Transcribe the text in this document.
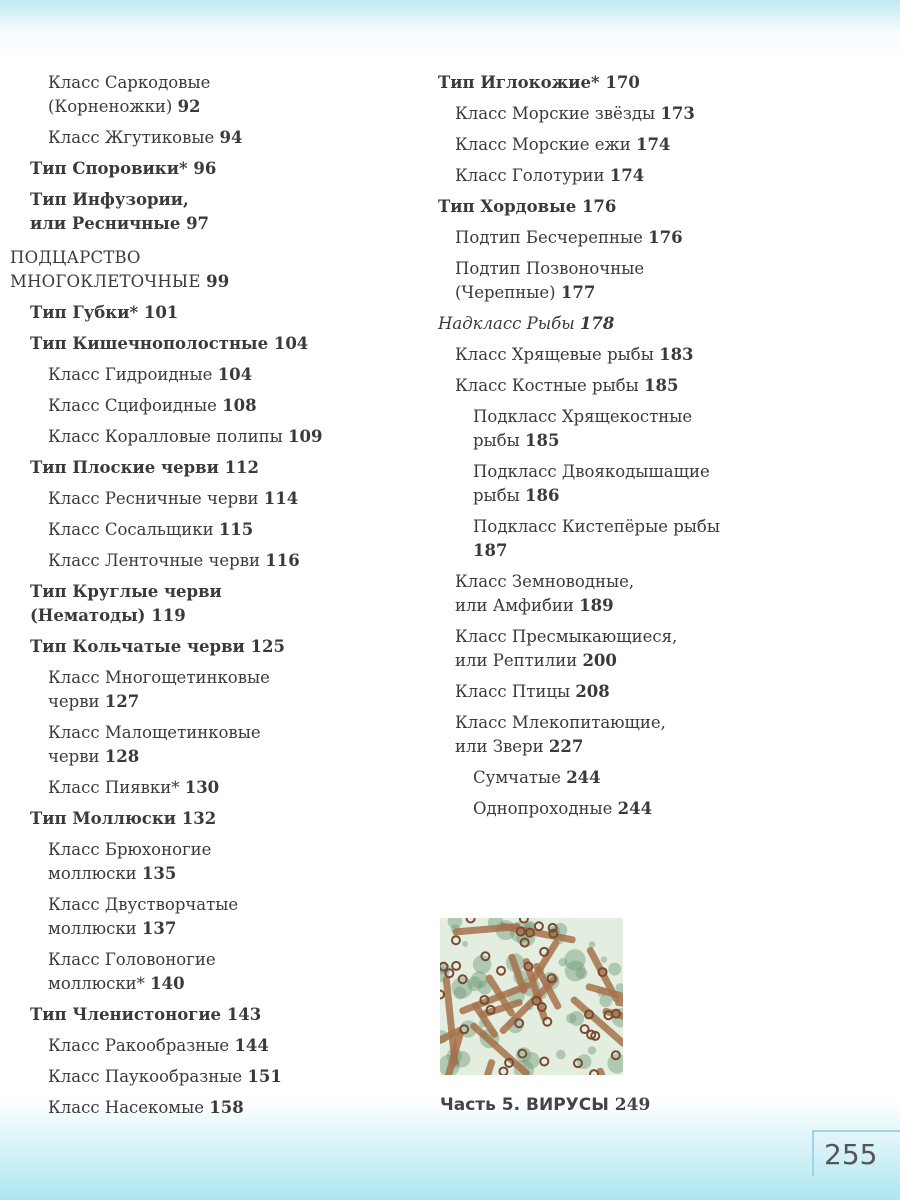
Класс Саркодовые
(Корненожки) 92
Класс Жгутиковые 94
Тип Споровики* 96
Тип Инфузории,
или Ресничные 97
ПОДЦАРСТВО
МНОГОКЛЕТОЧНЫЕ 99
Тип Губки* 101
Тип Кишечнополостные 104
Класс Гидроидные 104
Класс Сцифоидные 108
Класс Коралловые полипы 109
Тип Плоские черви 112
Класс Ресничные черви 114
Класс Сосальщики 115
Класс Ленточные черви 116
Тип Круглые черви
(Нематоды) 119
Тип Кольчатые черви 125
Класс Многощетинковые
черви 127
Класс Малощетинковые
черви 128
Класс Пиявки* 130
Тип Моллюски 132
Класс Брюхоногие
моллюски 135
Класс Двустворчатые
моллюски 137
Класс Головоногие
моллюски* 140
Тип Членистоногие 143
Класс Ракообразные 144
Класс Паукообразные 151
Класс Насекомые 158
Тип Иглокожие* 170
Класс Морские звёзды 173
Класс Морские ежи 174
Класс Голотурии 174
Тип Хордовые 176
Подтип Бесчерепные 176
Подтип Позвоночные
(Черепные) 177
Надкласс Рыбы 178
Класс Хрящевые рыбы 183
Класс Костные рыбы 185
Подкласс Хрящекостные
рыбы 185
Подкласс Двоякодышащие
рыбы 186
Подкласс Кистепёрые рыбы
187
Класс Земноводные,
или Амфибии 189
Класс Пресмыкающиеся,
или Рептилии 200
Класс Птицы 208
Класс Млекопитающие,
или Звери 227
Сумчатые 244
Однопроходные 244
Часть 5. ВИРУСЫ 249
255
